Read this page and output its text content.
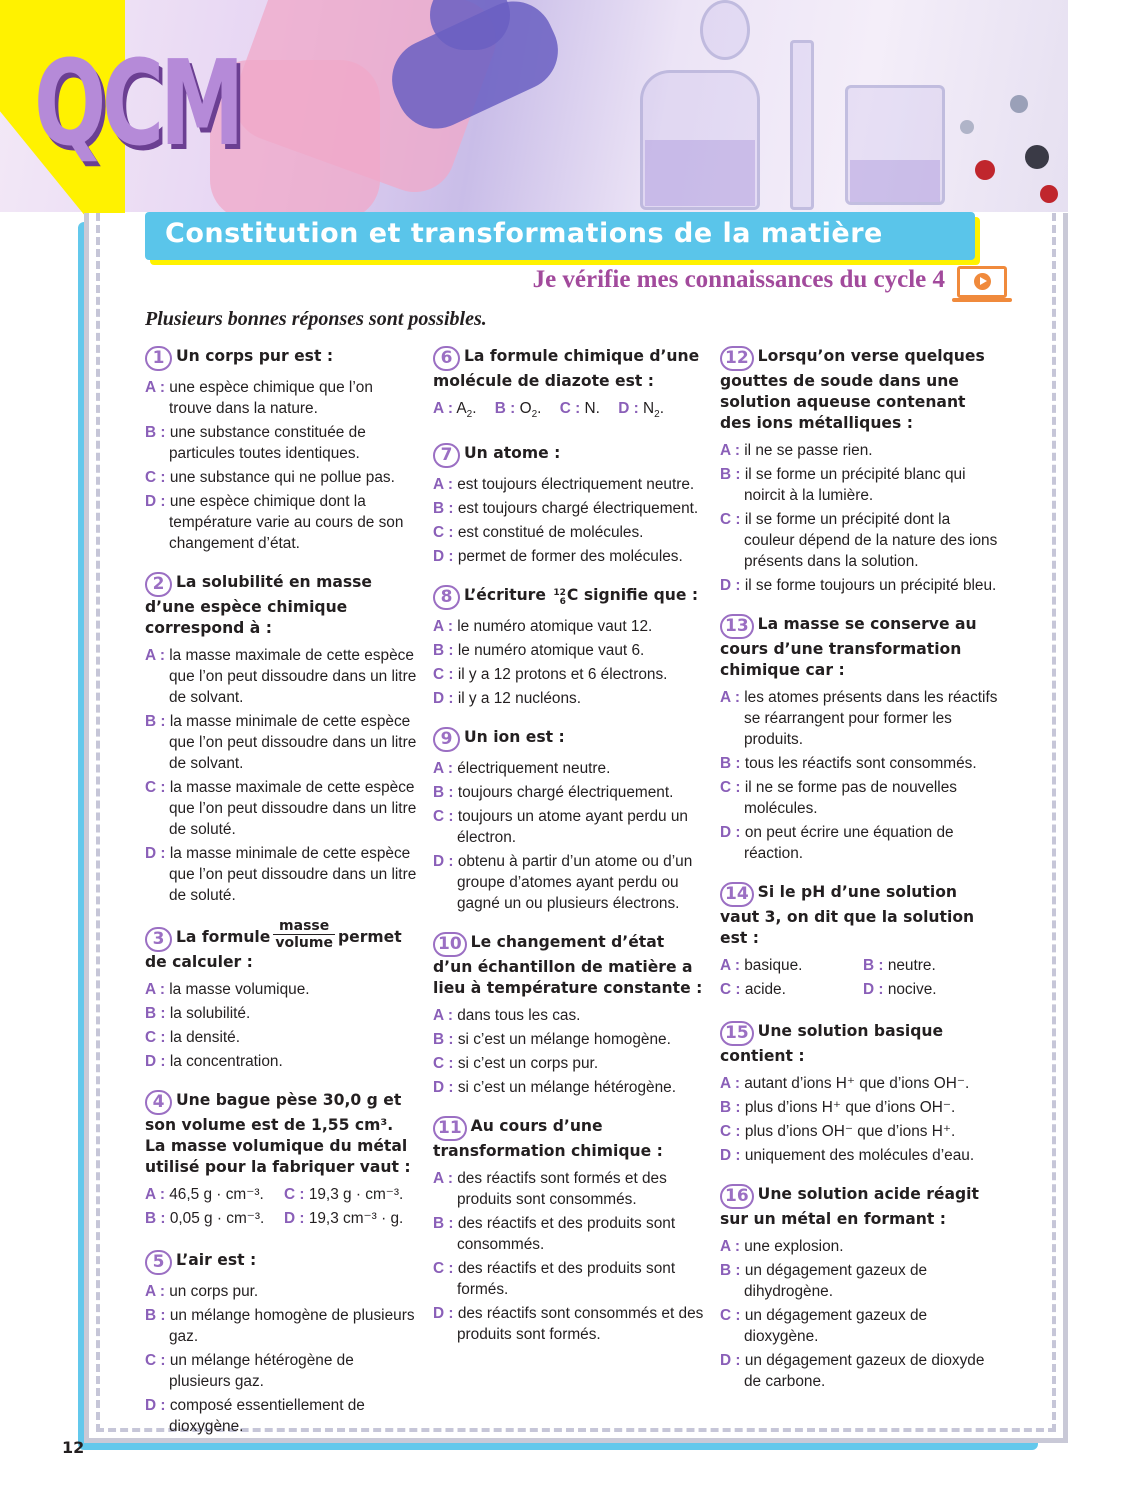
QCM
Constitution et transformations de la matière
Je vérifie mes connaissances du cycle 4
Plusieurs bonnes réponses sont possibles.
1 Un corps pur est :
A : une espèce chimique que l’on trouve dans la nature.
B : une substance constituée de particules toutes identiques.
C : une substance qui ne pollue pas.
D : une espèce chimique dont la température varie au cours de son changement d’état.
2 La solubilité en masse d’une espèce chimique correspond à :
A : la masse maximale de cette espèce que l’on peut dissoudre dans un litre de solvant.
B : la masse minimale de cette espèce que l’on peut dissoudre dans un litre de solvant.
C : la masse maximale de cette espèce que l’on peut dissoudre dans un litre de soluté.
D : la masse minimale de cette espèce que l’on peut dissoudre dans un litre de soluté.
3 La formule $\frac{\text{masse}}{\text{volume}}$ permet de calculer :
A : la masse volumique.
B : la solubilité.
C : la densité.
D : la concentration.
4 Une bague pèse 30,0 g et son volume est de 1,55 cm³. La masse volumique du métal utilisé pour la fabriquer vaut :
A : 46,5 g · cm⁻³.	C : 19,3 g · cm⁻³.
B : 0,05 g · cm⁻³.	D : 19,3 cm⁻³ · g.
5 L’air est :
A : un corps pur.
B : un mélange homogène de plusieurs gaz.
C : un mélange hétérogène de plusieurs gaz.
D : composé essentiellement de dioxygène.
6 La formule chimique d’une molécule de diazote est :
A : $A_2$. B : $O_2$. C : N. D : $N_2$.
7 Un atome :
A : est toujours électriquement neutre.
B : est toujours chargé électriquement.
C : est constitué de molécules.
D : permet de former des molécules.
8 L’écriture 12
6 C signifie que :
A : le numéro atomique vaut 12.
B : le numéro atomique vaut 6.
C : il y a 12 protons et 6 électrons.
D : il y a 12 nucléons.
9 Un ion est :
A : électriquement neutre.
B : toujours chargé électriquement.
C : toujours un atome ayant perdu un électron.
D : obtenu à partir d’un atome ou d’un groupe d’atomes ayant perdu ou gagné un ou plusieurs électrons.
10 Le changement d’état d’un échantillon de matière a lieu à température constante :
A : dans tous les cas.
B : si c’est un mélange homogène.
C : si c’est un corps pur.
D : si c’est un mélange hétérogène.
11 Au cours d’une transformation chimique :
A : des réactifs sont formés et des produits sont consommés.
B : des réactifs et des produits sont consommés.
C : des réactifs et des produits sont formés.
D : des réactifs sont consommés et des produits sont formés.
12 Lorsqu’on verse quelques gouttes de soude dans une solution aqueuse contenant des ions métalliques :
A : il ne se passe rien.
B : il se forme un précipité blanc qui noircit à la lumière.
C : il se forme un précipité dont la couleur dépend de la nature des ions présents dans la solution.
D : il se forme toujours un précipité bleu.
13 La masse se conserve au cours d’une transformation chimique car :
A : les atomes présents dans les réactifs se réarrangent pour former les produits.
B : tous les réactifs sont consommés.
C : il ne se forme pas de nouvelles molécules.
D : on peut écrire une équation de réaction.
14 Si le pH d’une solution vaut 3, on dit que la solution est :
A : basique.	B : neutre.
C : acide.	D : nocive.
15 Une solution basique contient :
A : autant d’ions H⁺ que d’ions OH⁻.
B : plus d’ions H⁺ que d’ions OH⁻.
C : plus d’ions OH⁻ que d’ions H⁺.
D : uniquement des molécules d’eau.
16 Une solution acide réagit sur un métal en formant :
A : une explosion.
B : un dégagement gazeux de dihydrogène.
C : un dégagement gazeux de dioxygène.
D : un dégagement gazeux de dioxyde de carbone.
12
